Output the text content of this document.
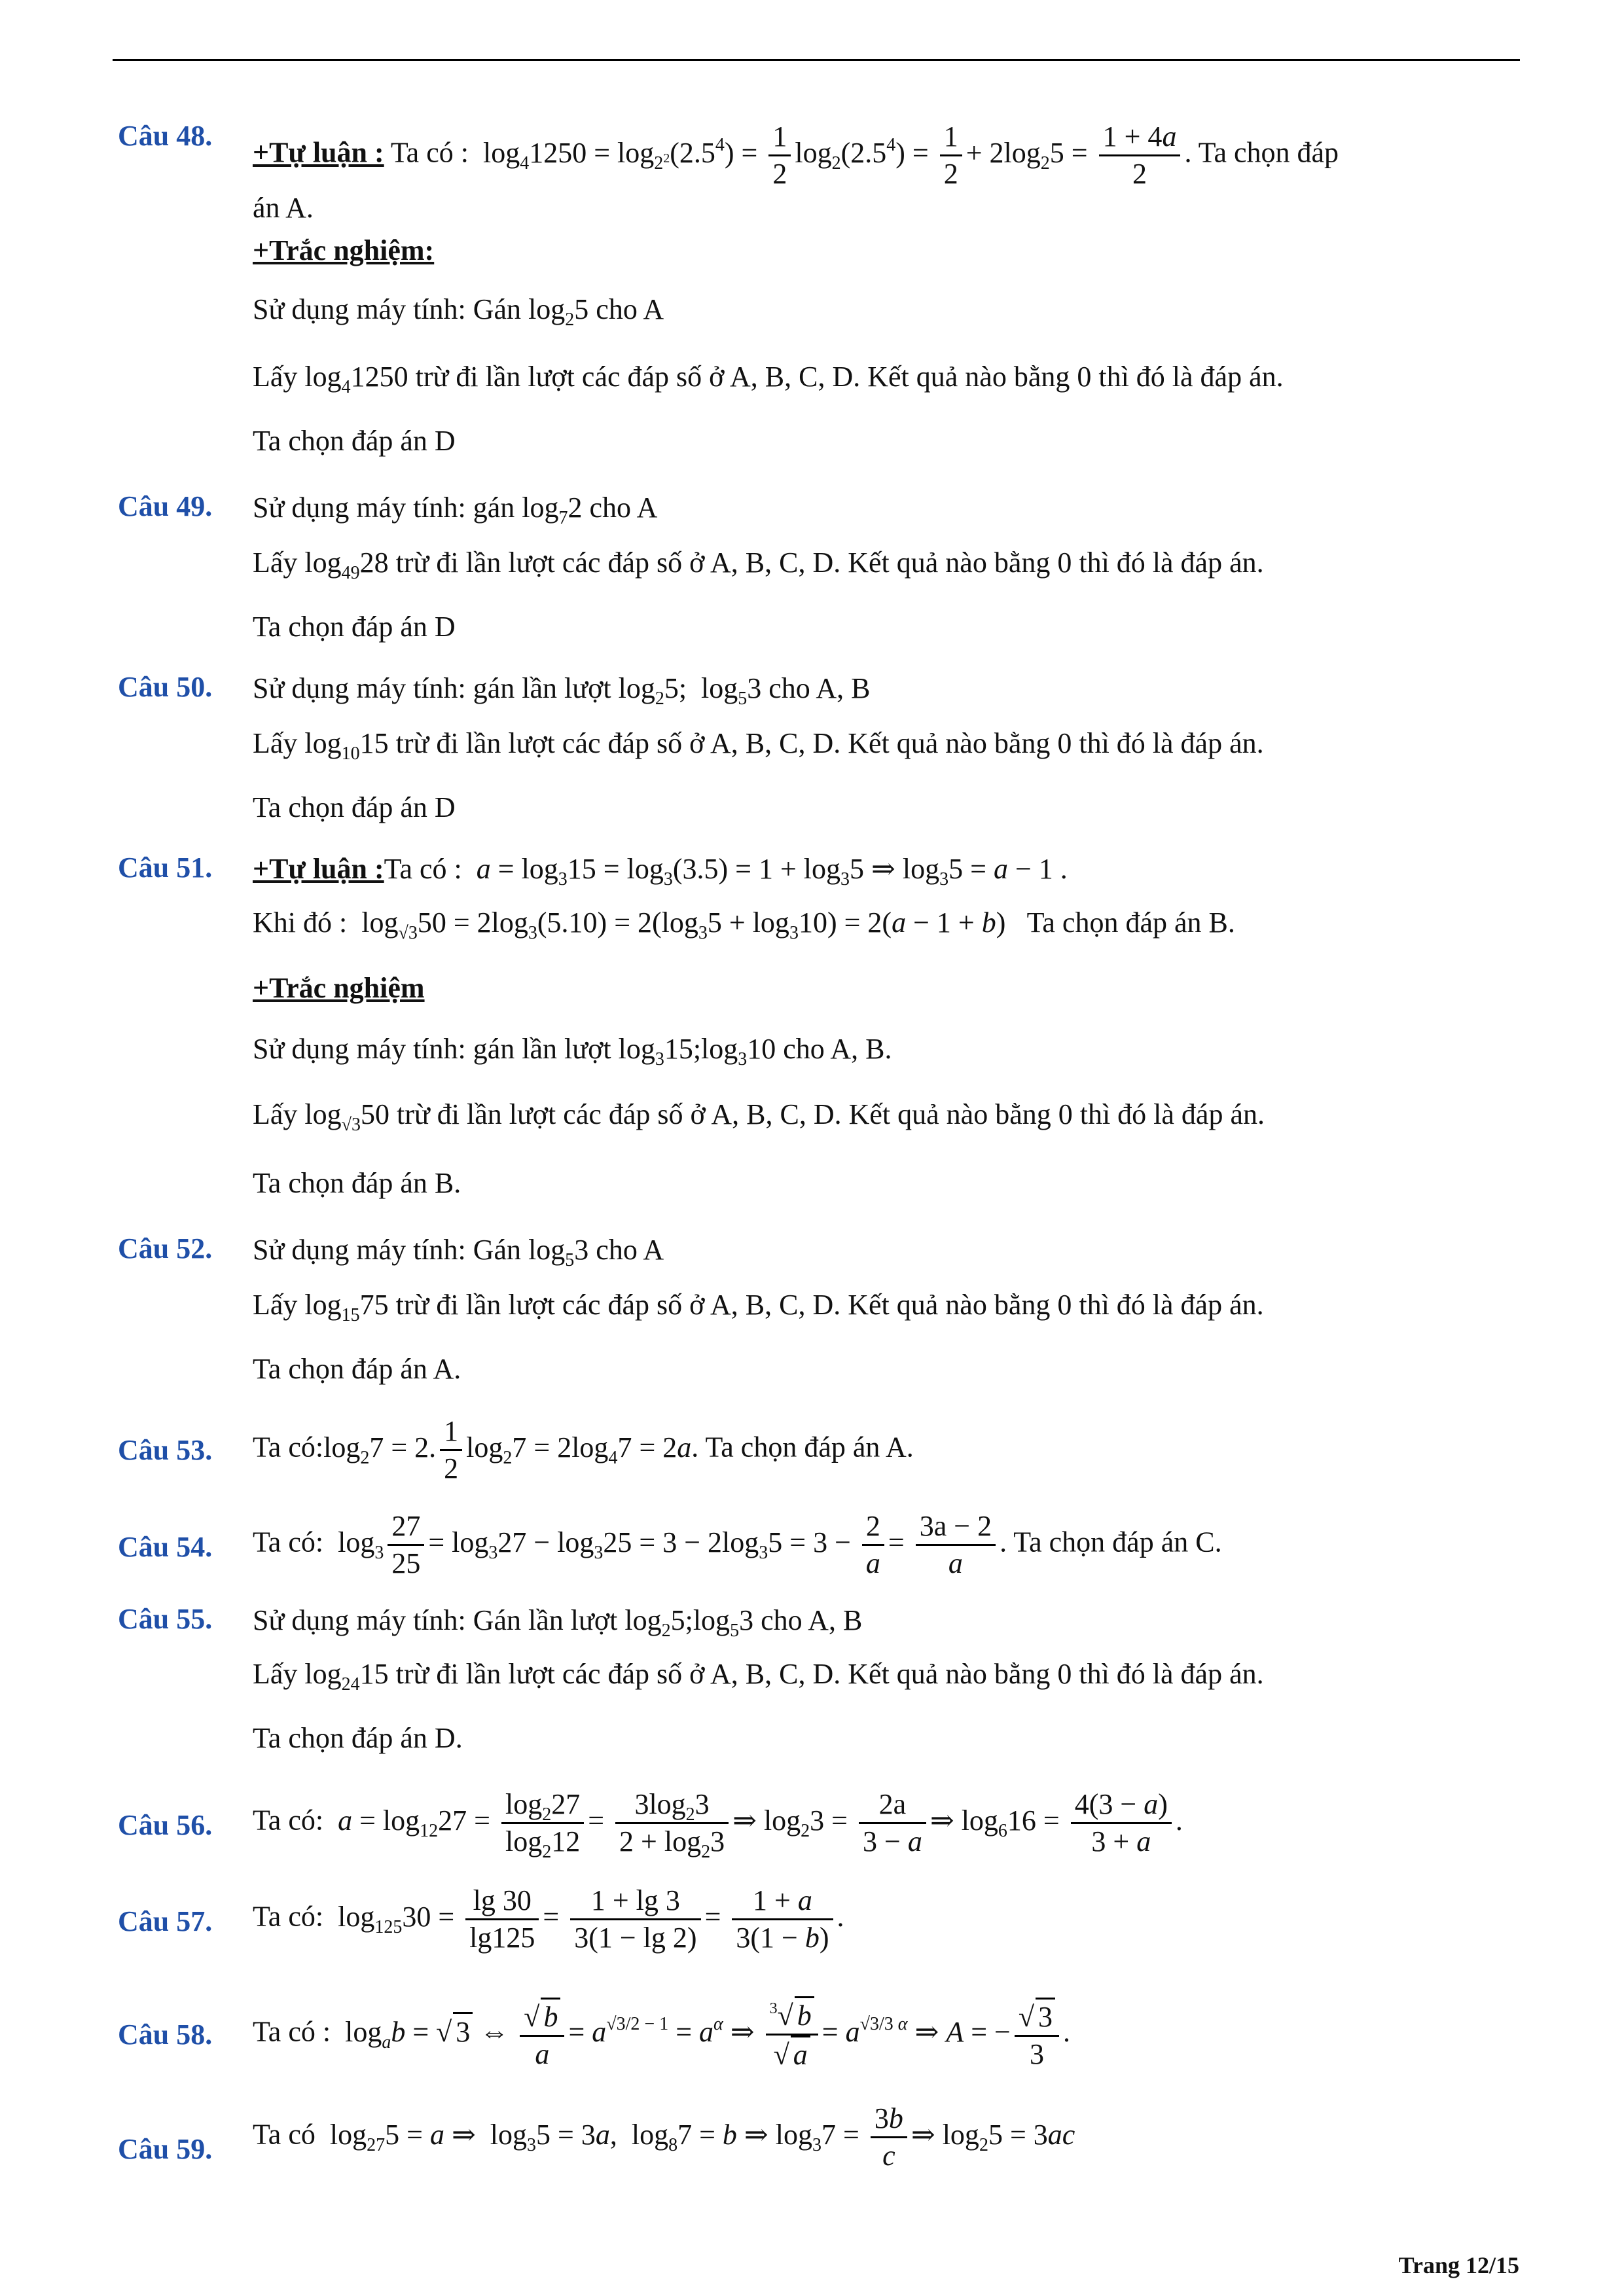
Câu 48.
+Tự luận : Ta có :  $\log_41250 = \log_{2^2}(2.5^4) = \frac{1}{2} \log_2(2.5^4) = \frac{1}{2} + 2\log_25 = \frac{1 + 4a}{2}$ . Ta chọn đáp
án A.
+Trắc nghiệm:
Sử dụng máy tính: Gán $\log_25$ cho A
Lấy $\log_41250$ trừ đi lần lượt các đáp số ở A, B, C, D. Kết quả nào bằng 0 thì đó là đáp án.
Ta chọn đáp án D
Câu 49. Sử dụng máy tính: gán $\log_72$ cho A
Lấy $\log_{49}28$ trừ đi lần lượt các đáp số ở A, B, C, D. Kết quả nào bằng 0 thì đó là đáp án.
Ta chọn đáp án D
Câu 50. Sử dụng máy tính: gán lần lượt $\log_25$;  $\log_53$ cho A, B
Lấy $\log_{10}15$ trừ đi lần lượt các đáp số ở A, B, C, D. Kết quả nào bằng 0 thì đó là đáp án.
Ta chọn đáp án D
Câu 51. +Tự luận :Ta có : $a = \log_315 = \log_3(3.5) = 1 + \log_35$ ⇒ $\log_35 = a - 1$ .
Khi đó :  $\log_{√3}50 = 2\log_3(5.10) = 2(\log_35 + \log_310) = 2(a - 1 + b)$ Ta chọn đáp án B.
+Trắc nghiệm
Sử dụng máy tính: gán lần lượt $\log_315;\log_310$ cho A, B.
Lấy $\log_{√3}50$ trừ đi lần lượt các đáp số ở A, B, C, D. Kết quả nào bằng 0 thì đó là đáp án.
Ta chọn đáp án B.
Câu 52. Sử dụng máy tính: Gán $\log_53$ cho A
Lấy $\log_{15}75$ trừ đi lần lượt các đáp số ở A, B, C, D. Kết quả nào bằng 0 thì đó là đáp án.
Ta chọn đáp án A.
Câu 53. Ta $có:\log_27 = 2$. $\frac{1}{2} \log_27 = 2\log_47 = 2a$. Ta chọn đáp án A.
Câu 54. Ta có:  $\log_3 \frac{27}{25} = \log_327 - \log_325 = 3 - 2\log_35 = 3 - \frac{2}{a} = \frac{3a - 2}{a}$ . Ta chọn đáp án C.
Câu 55. Sử dụng máy tính: Gán lần lượt $\log_25;\log_53$ cho A, B
Lấy $\log_{24}15$ trừ đi lần lượt các đáp số ở A, B, C, D. Kết quả nào bằng 0 thì đó là đáp án.
Ta chọn đáp án D.
Câu 56. Ta có: $a = \log_{12}27 = \frac{\log_227}{\log_212} = \frac{3\log_23}{2 + \log_23}$ ⇒ $\log_23 = \frac{2a}{3 - a}$ ⇒ $\log_616 = \frac{4(3 - a)}{3 + a}$ .
Câu 57. Ta có:  $\log_{125}30 = \frac{\lg 30}{\lg 125} = \frac{1 + \lg 3}{3(1 - \lg 2)} = \frac{1 + a}{3(1 - b)}$ .
Câu 58. Ta có :  $\log_ab$ = √ 3 ⇔ $\frac{√ b}{a} = a^{√3/2 - 1} = a^\alpha$ ⇒ $\frac{^3√ b}{√ a} = a^{√3/3 \alpha}$ ⇒ A = − $\frac{√ 3}{3}$ .
Câu 59. Ta có  $\log_{27}5 = a$ ⇒  $\log_35 = 3a$,  $\log_87 = b$ ⇒ $\log_37 = \frac{3b}{c}$ ⇒ $\log_25 = 3ac$
Trang 12/15
